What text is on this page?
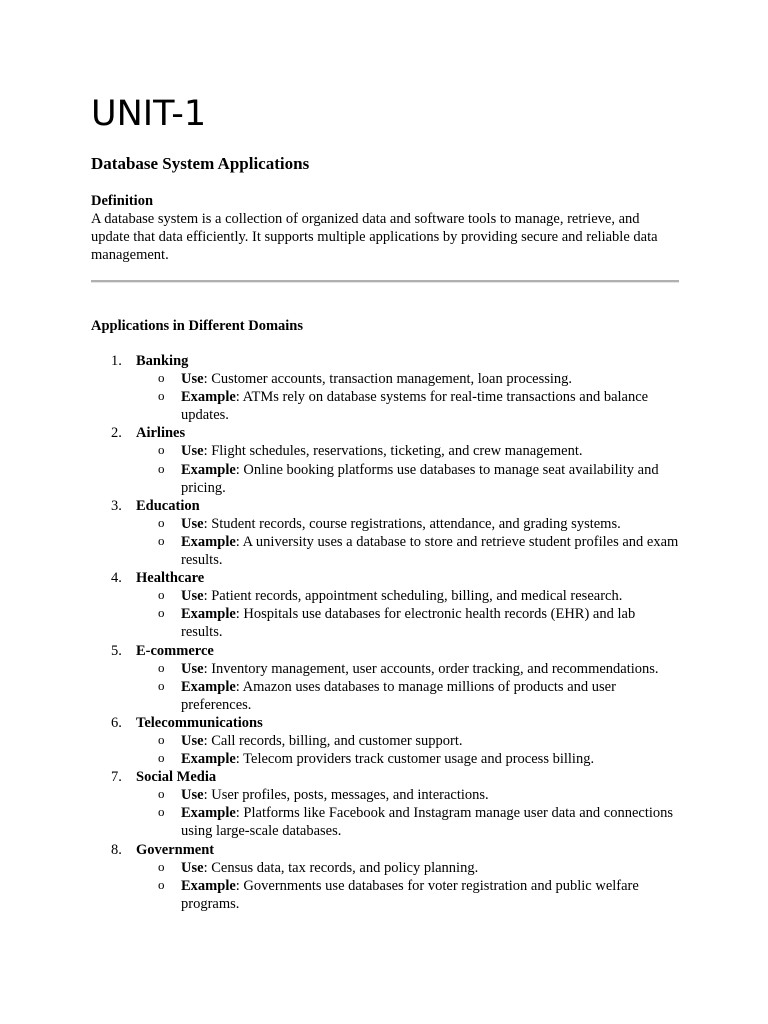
UNIT-1
Database System Applications
Definition

A database system is a collection of organized data and software tools to manage, retrieve, and update that data efficiently. It supports multiple applications by providing secure and reliable data management.

Applications in Different Domains
1. Banking
o Use: Customer accounts, transaction management, loan processing.
o Example: ATMs rely on database systems for real-time transactions and balance updates.
2. Airlines
o Use: Flight schedules, reservations, ticketing, and crew management.
o Example: Online booking platforms use databases to manage seat availability and pricing.
3. Education
o Use: Student records, course registrations, attendance, and grading systems.
o Example: A university uses a database to store and retrieve student profiles and exam results.
4. Healthcare
o Use: Patient records, appointment scheduling, billing, and medical research.
o Example: Hospitals use databases for electronic health records (EHR) and lab results.
5. E-commerce
o Use: Inventory management, user accounts, order tracking, and recommendations.
o Example: Amazon uses databases to manage millions of products and user preferences.
6. Telecommunications
o Use: Call records, billing, and customer support.
o Example: Telecom providers track customer usage and process billing.
7. Social Media
o Use: User profiles, posts, messages, and interactions.
o Example: Platforms like Facebook and Instagram manage user data and connections using large-scale databases.
8. Government
o Use: Census data, tax records, and policy planning.
o Example: Governments use databases for voter registration and public welfare programs.
